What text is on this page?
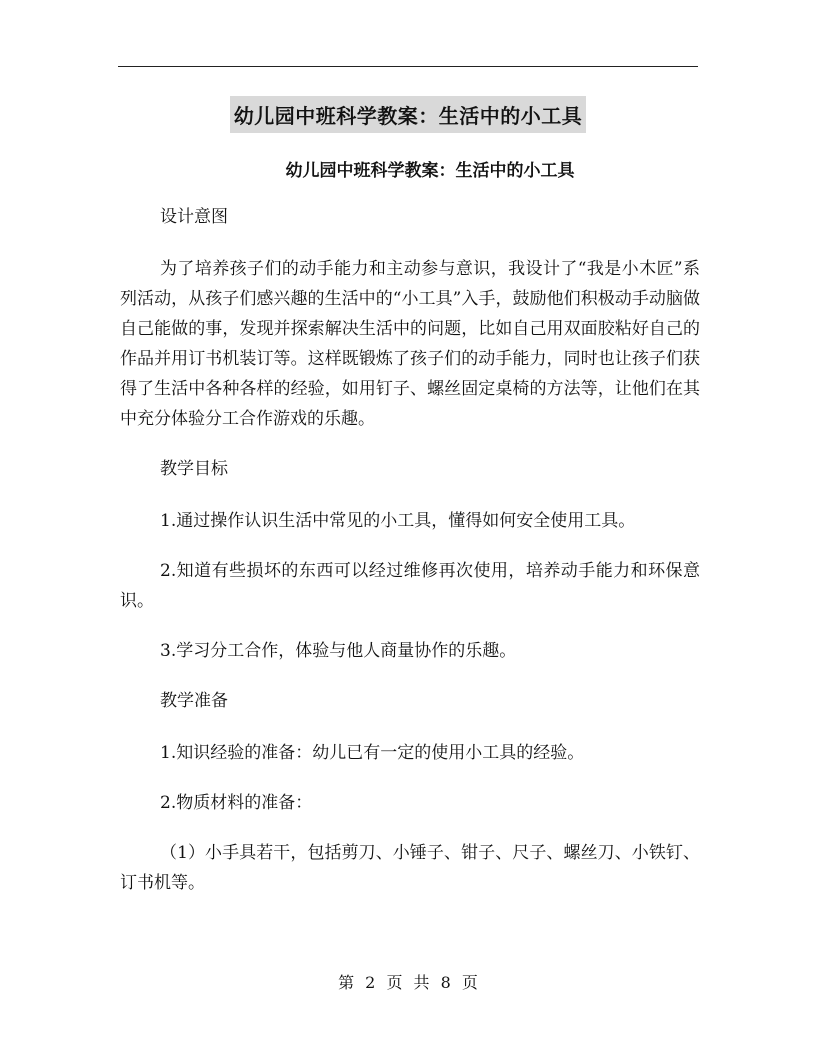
幼儿园中班科学教案：生活中的小工具
幼儿园中班科学教案：生活中的小工具

设计意图

为了培养孩子们的动手能力和主动参与意识，我设计了“我是小木匠”系列活动，从孩子们感兴趣的生活中的“小工具”入手，鼓励他们积极动手动脑做自己能做的事，发现并探索解决生活中的问题，比如自己用双面胶粘好自己的作品并用订书机装订等。这样既锻炼了孩子们的动手能力，同时也让孩子们获得了生活中各种各样的经验，如用钉子、螺丝固定桌椅的方法等，让他们在其中充分体验分工合作游戏的乐趣。

教学目标

1.通过操作认识生活中常见的小工具，懂得如何安全使用工具。

2.知道有些损坏的东西可以经过维修再次使用，培养动手能力和环保意识。

3.学习分工合作，体验与他人商量协作的乐趣。

教学准备

1.知识经验的准备：幼儿已有一定的使用小工具的经验。

2.物质材料的准备：

（1）小手具若干，包括剪刀、小锤子、钳子、尺子、螺丝刀、小铁钉、订书机等。

第 2 页 共 8 页
